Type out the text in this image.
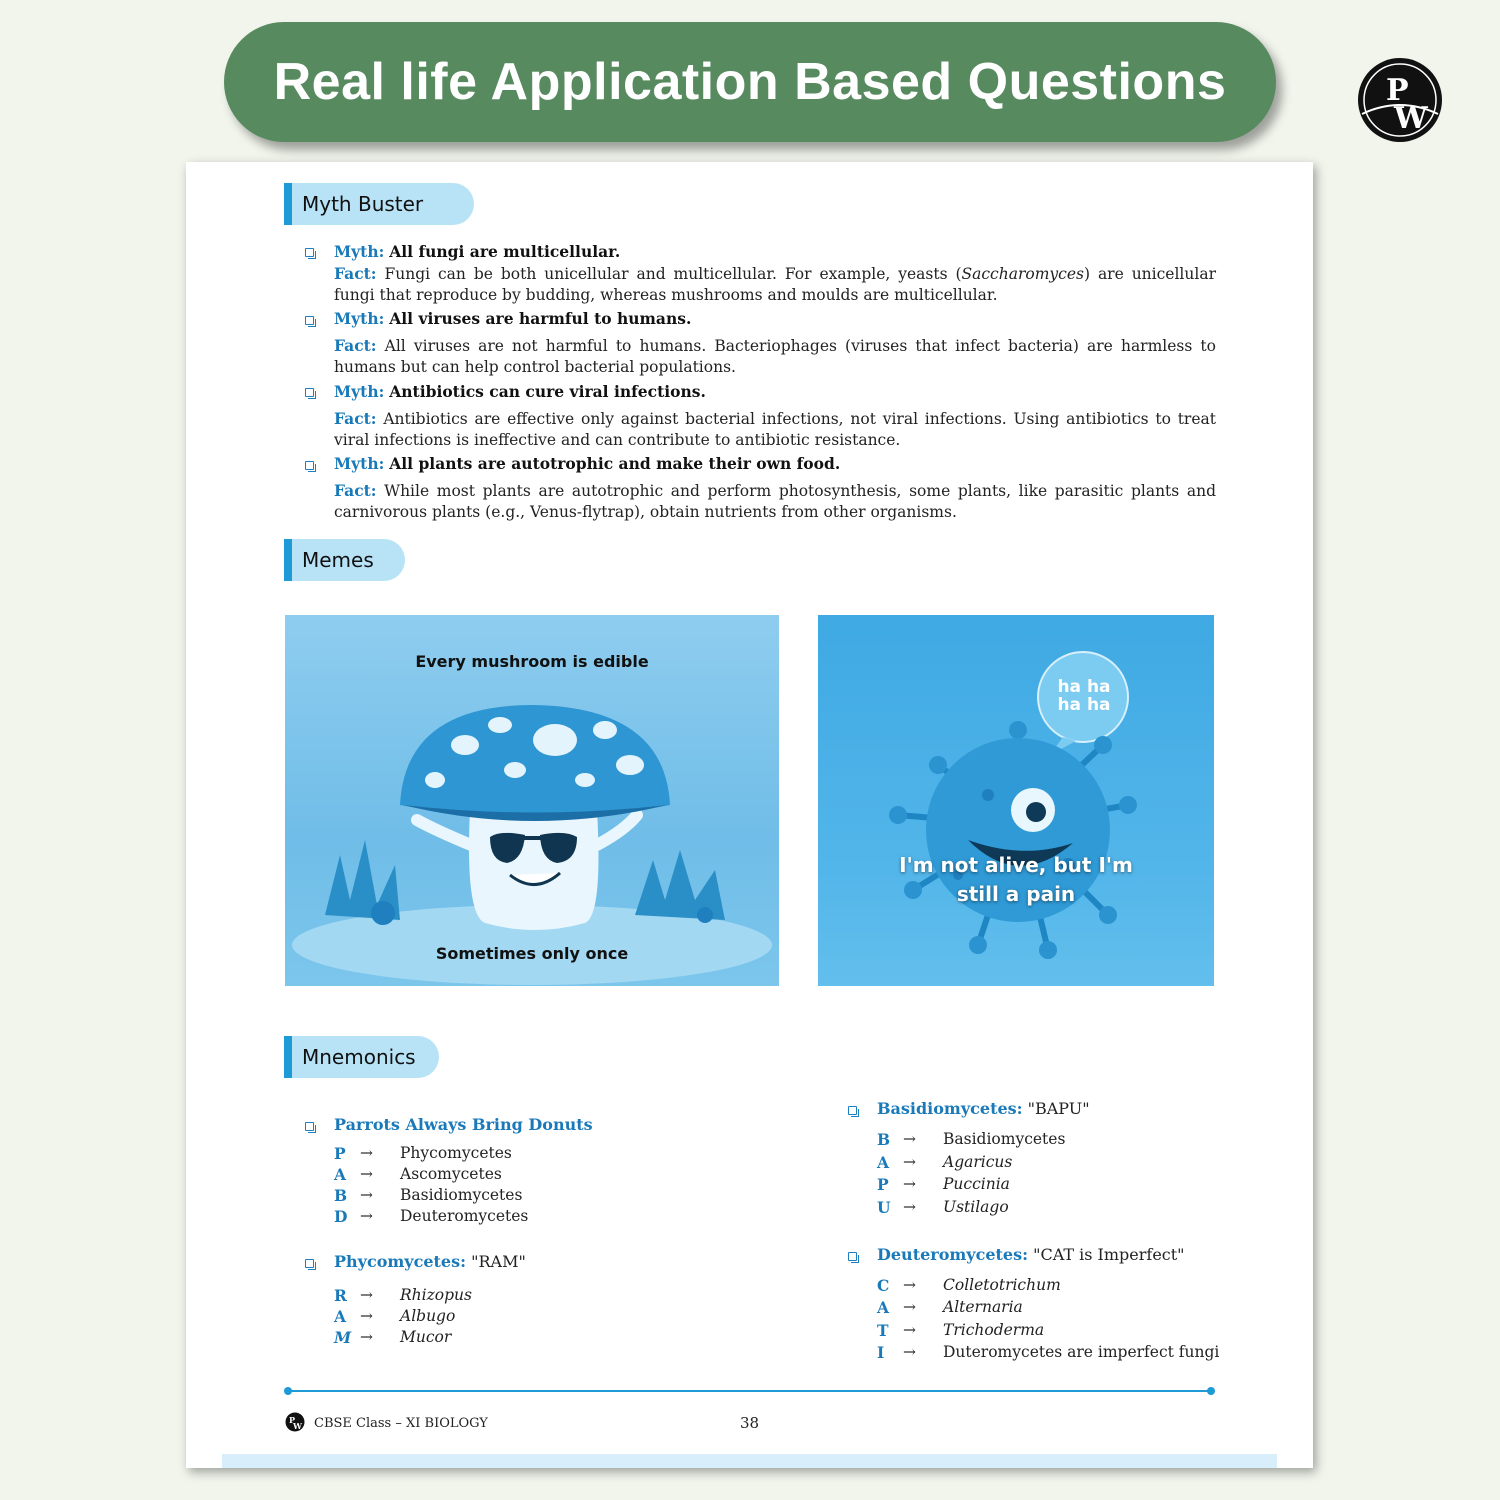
Real life Application Based Questions	P
W
Myth Buster
Myth: All fungi are multicellular.
Fact: Fungi can be both unicellular and multicellular. For example, yeasts (Saccharomyces) are unicellular fungi that reproduce by budding, whereas mushrooms and moulds are multicellular.
Myth: All viruses are harmful to humans.
Fact: All viruses are not harmful to humans. Bacteriophages (viruses that infect bacteria) are harmless to humans but can help control bacterial populations.
Myth: Antibiotics can cure viral infections.
Fact: Antibiotics are effective only against bacterial infections, not viral infections. Using antibiotics to treat viral infections is ineffective and can contribute to antibiotic resistance.
Myth: All plants are autotrophic and make their own food.
Fact: While most plants are autotrophic and perform photosynthesis, some plants, like parasitic plants and carnivorous plants (e.g., Venus-flytrap), obtain nutrients from other organisms.
Memes
Every mushroom is edible
Sometimes only once
ha ha
ha ha
I'm not alive, but I'm
still a pain
Mnemonics
Parrots Always Bring Donuts
P → Phycomycetes
A → Ascomycetes
B → Basidiomycetes
D → Deuteromycetes
Phycomycetes: "RAM"
R → Rhizopus
A → Albugo
M → Mucor
Basidiomycetes: "BAPU"
B → Basidiomycetes
A → Agaricus
P → Puccinia
U → Ustilago
Deuteromycetes: "CAT is Imperfect"
C → Colletotrichum
A → Alternaria
T → Trichoderma
I → Duteromycetes are imperfect fungi
P
W CBSE Class – XI BIOLOGY	38
